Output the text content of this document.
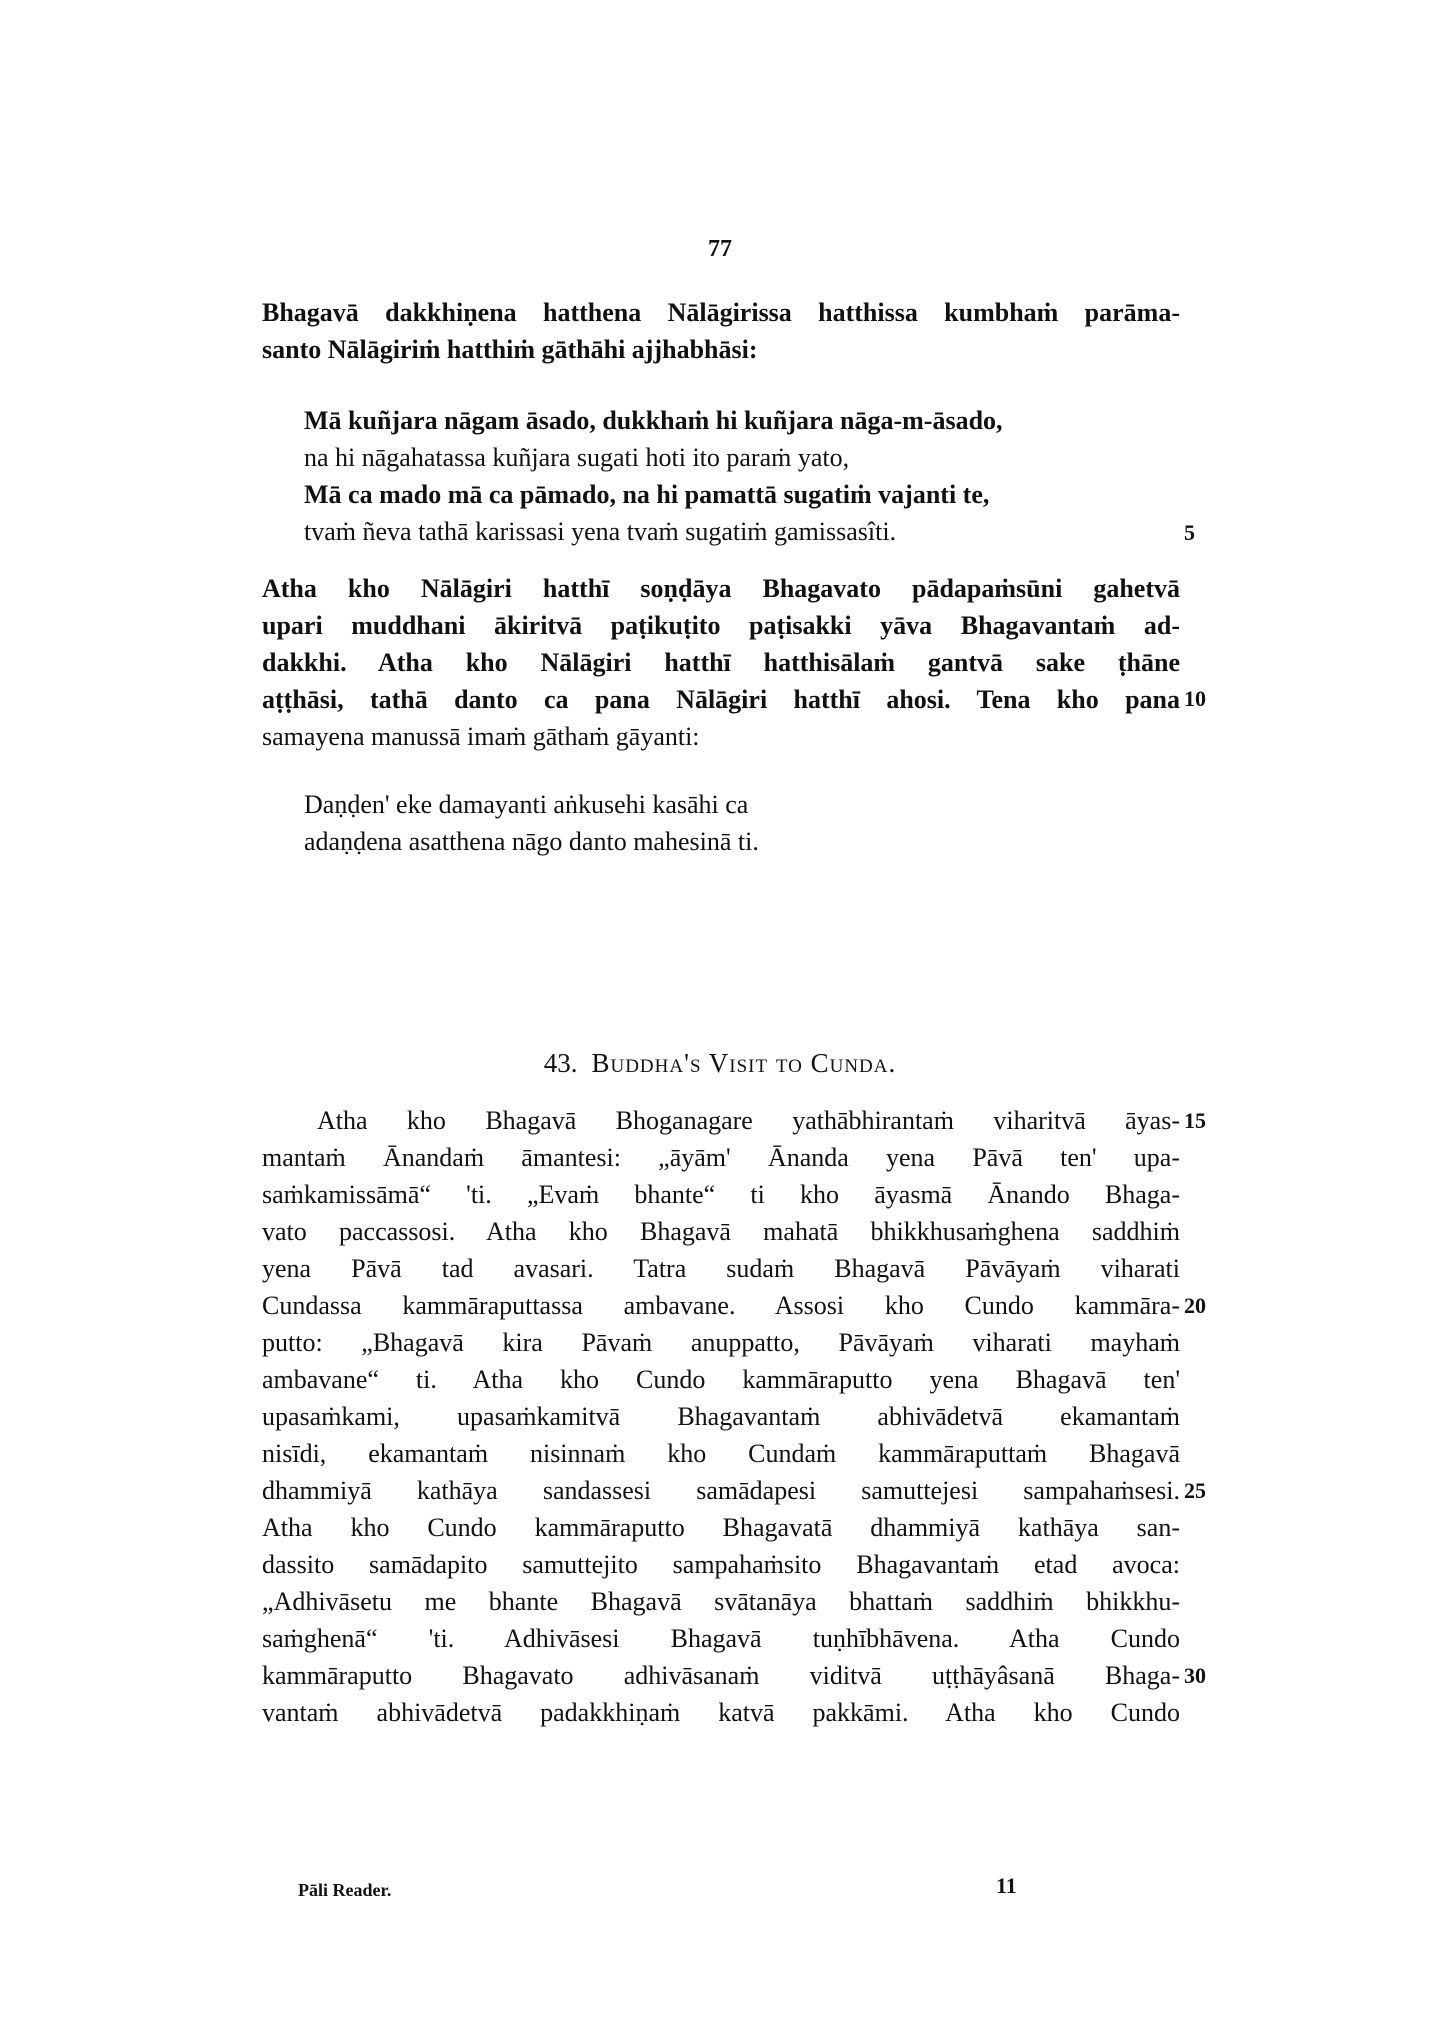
77
Bhagavā dakkhiṇena hatthena Nālāgirissa hatthissa kumbhaṁ parāma-
santo Nālāgiriṁ hatthiṁ gāthāhi ajjhabhāsi:
Mā kuñjara nāgam āsado, dukkhaṁ hi kuñjara nāga-m-āsado,
na hi nāgahatassa kuñjara sugati hoti ito paraṁ yato,
Mā ca mado mā ca pāmado, na hi pamattā sugatiṁ vajanti te,
tvaṁ ñeva tathā karissasi yena tvaṁ sugatiṁ gamissasîti.	5
Atha kho Nālāgiri hatthī soṇḍāya Bhagavato pādapaṁsūni gahetvā
upari muddhani ākiritvā paṭikuṭito paṭisakki yāva Bhagavantaṁ ad-
dakkhi. Atha kho Nālāgiri hatthī hatthisālaṁ gantvā sake ṭhāne
aṭṭhāsi, tathā danto ca pana Nālāgiri hatthī ahosi. Tena kho pana
samayena manussā imaṁ gāthaṁ gāyanti:
10
Daṇḍen' eke damayanti aṅkusehi kasāhi ca
adaṇḍena asatthena nāgo danto mahesinā ti.
43. Buddha's Visit to Cunda.
Atha kho Bhagavā Bhoganagare yathābhirantaṁ viharitvā āyas-
mantaṁ Ānandaṁ āmantesi: „āyām' Ānanda yena Pāvā ten' upa-
saṁkamissāmā“ 'ti. „Evaṁ bhante“ ti kho āyasmā Ānando Bhaga-
vato paccassosi. Atha kho Bhagavā mahatā bhikkhusaṁghena saddhiṁ
yena Pāvā tad avasari. Tatra sudaṁ Bhagavā Pāvāyaṁ viharati
Cundassa kammāraputtassa ambavane. Assosi kho Cundo kammāra-
putto: „Bhagavā kira Pāvaṁ anuppatto, Pāvāyaṁ viharati mayhaṁ
ambavane“ ti. Atha kho Cundo kammāraputto yena Bhagavā ten'
upasaṁkami, upasaṁkamitvā Bhagavantaṁ abhivādetvā ekamantaṁ
nisīdi, ekamantaṁ nisinnaṁ kho Cundaṁ kammāraputtaṁ Bhagavā
dhammiyā kathāya sandassesi samādapesi samuttejesi sampahaṁsesi.
Atha kho Cundo kammāraputto Bhagavatā dhammiyā kathāya san-
dassito samādapito samuttejito sampahaṁsito Bhagavantaṁ etad avoca:
„Adhivāsetu me bhante Bhagavā svātanāya bhattaṁ saddhiṁ bhikkhu-
saṁghenā“ 'ti. Adhivāsesi Bhagavā tuṇhībhāvena. Atha Cundo
kammāraputto Bhagavato adhivāsanaṁ viditvā uṭṭhāyâsanā Bhaga-
vantaṁ abhivādetvā padakkhiṇaṁ katvā pakkāmi. Atha kho Cundo
15
20
25
30
Pāli Reader.	11
